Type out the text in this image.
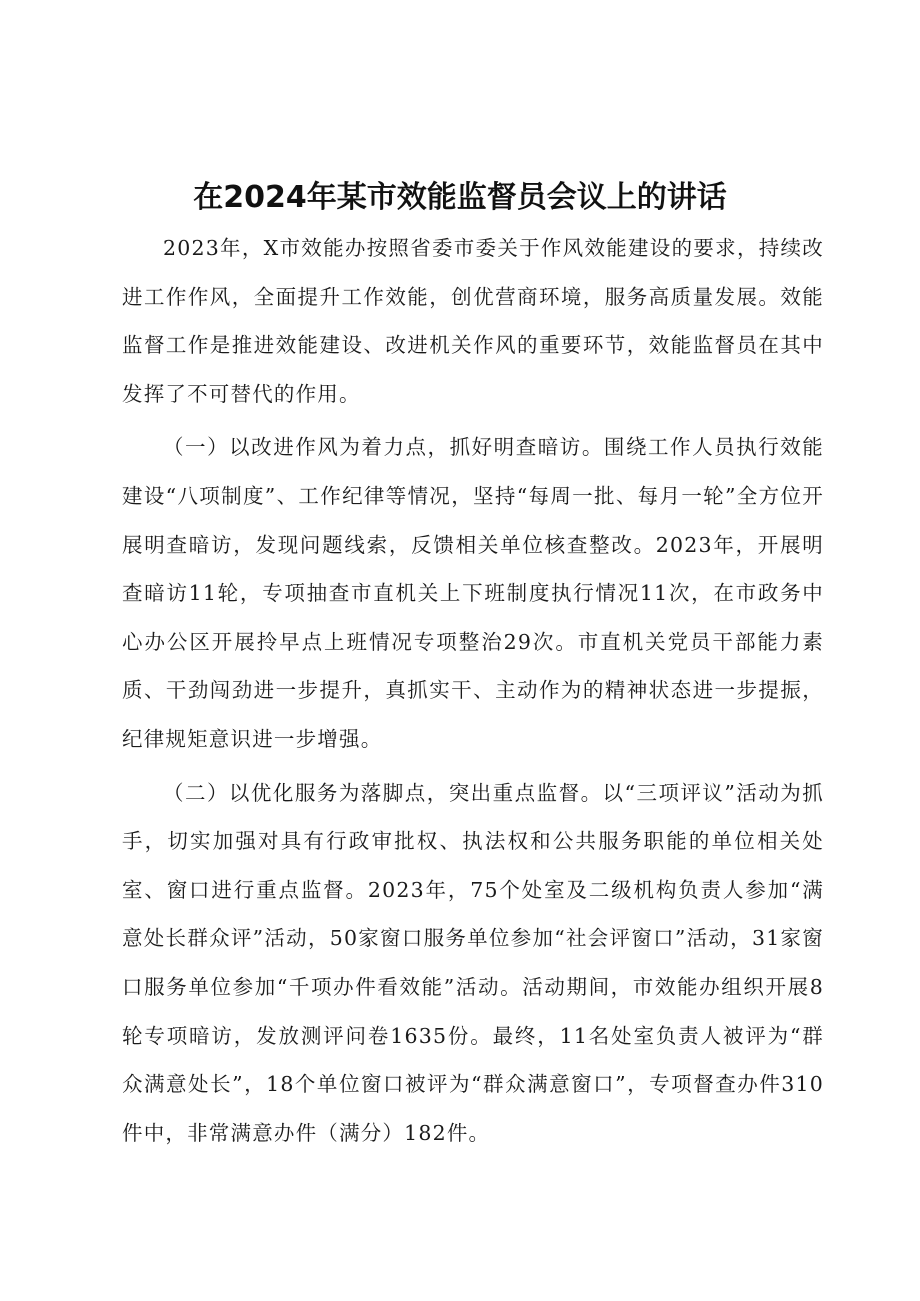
在2024年某市效能监督员会议上的讲话

2023年，X市效能办按照省委市委关于作风效能建设的要求，持续改进工作作风，全面提升工作效能，创优营商环境，服务高质量发展。效能监督工作是推进效能建设、改进机关作风的重要环节，效能监督员在其中发挥了不可替代的作用。

（一）以改进作风为着力点，抓好明查暗访。围绕工作人员执行效能建设“八项制度”、工作纪律等情况，坚持“每周一批、每月一轮”全方位开展明查暗访，发现问题线索，反馈相关单位核查整改。2023年，开展明查暗访11轮，专项抽查市直机关上下班制度执行情况11次，在市政务中心办公区开展拎早点上班情况专项整治29次。市直机关党员干部能力素质、干劲闯劲进一步提升，真抓实干、主动作为的精神状态进一步提振，纪律规矩意识进一步增强。

（二）以优化服务为落脚点，突出重点监督。以“三项评议”活动为抓手，切实加强对具有行政审批权、执法权和公共服务职能的单位相关处室、窗口进行重点监督。2023年，75个处室及二级机构负责人参加“满意处长群众评”活动，50家窗口服务单位参加“社会评窗口”活动，31家窗口服务单位参加“千项办件看效能”活动。活动期间，市效能办组织开展8轮专项暗访，发放测评问卷1635份。最终，11名处室负责人被评为“群众满意处长”，18个单位窗口被评为“群众满意窗口”，专项督查办件310件中，非常满意办件（满分）182件。
